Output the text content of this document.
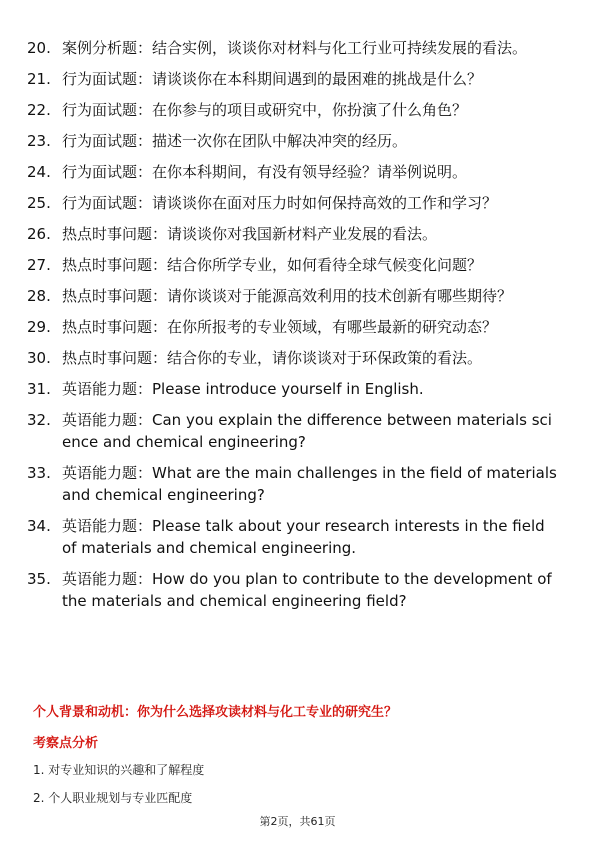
20. 案例分析题：结合实例，谈谈你对材料与化工行业可持续发展的看法。
21. 行为面试题：请谈谈你在本科期间遇到的最困难的挑战是什么？
22. 行为面试题：在你参与的项目或研究中，你扮演了什么角色？
23. 行为面试题：描述一次你在团队中解决冲突的经历。
24. 行为面试题：在你本科期间，有没有领导经验？请举例说明。
25. 行为面试题：请谈谈你在面对压力时如何保持高效的工作和学习？
26. 热点时事问题：请谈谈你对我国新材料产业发展的看法。
27. 热点时事问题：结合你所学专业，如何看待全球气候变化问题？
28. 热点时事问题：请你谈谈对于能源高效利用的技术创新有哪些期待？
29. 热点时事问题：在你所报考的专业领域，有哪些最新的研究动态？
30. 热点时事问题：结合你的专业，请你谈谈对于环保政策的看法。
31. 英语能力题：Please introduce yourself in English.
32. 英语能力题：Can you explain the difference between materials science and chemical engineering?
33. 英语能力题：What are the main challenges in the field of materials and chemical engineering?
34. 英语能力题：Please talk about your research interests in the field of materials and chemical engineering.
35. 英语能力题：How do you plan to contribute to the development of the materials and chemical engineering field?
个人背景和动机：你为什么选择攻读材料与化工专业的研究生？
考察点分析
1. 对专业知识的兴趣和了解程度
2. 个人职业规划与专业匹配度
第2页，共61页
